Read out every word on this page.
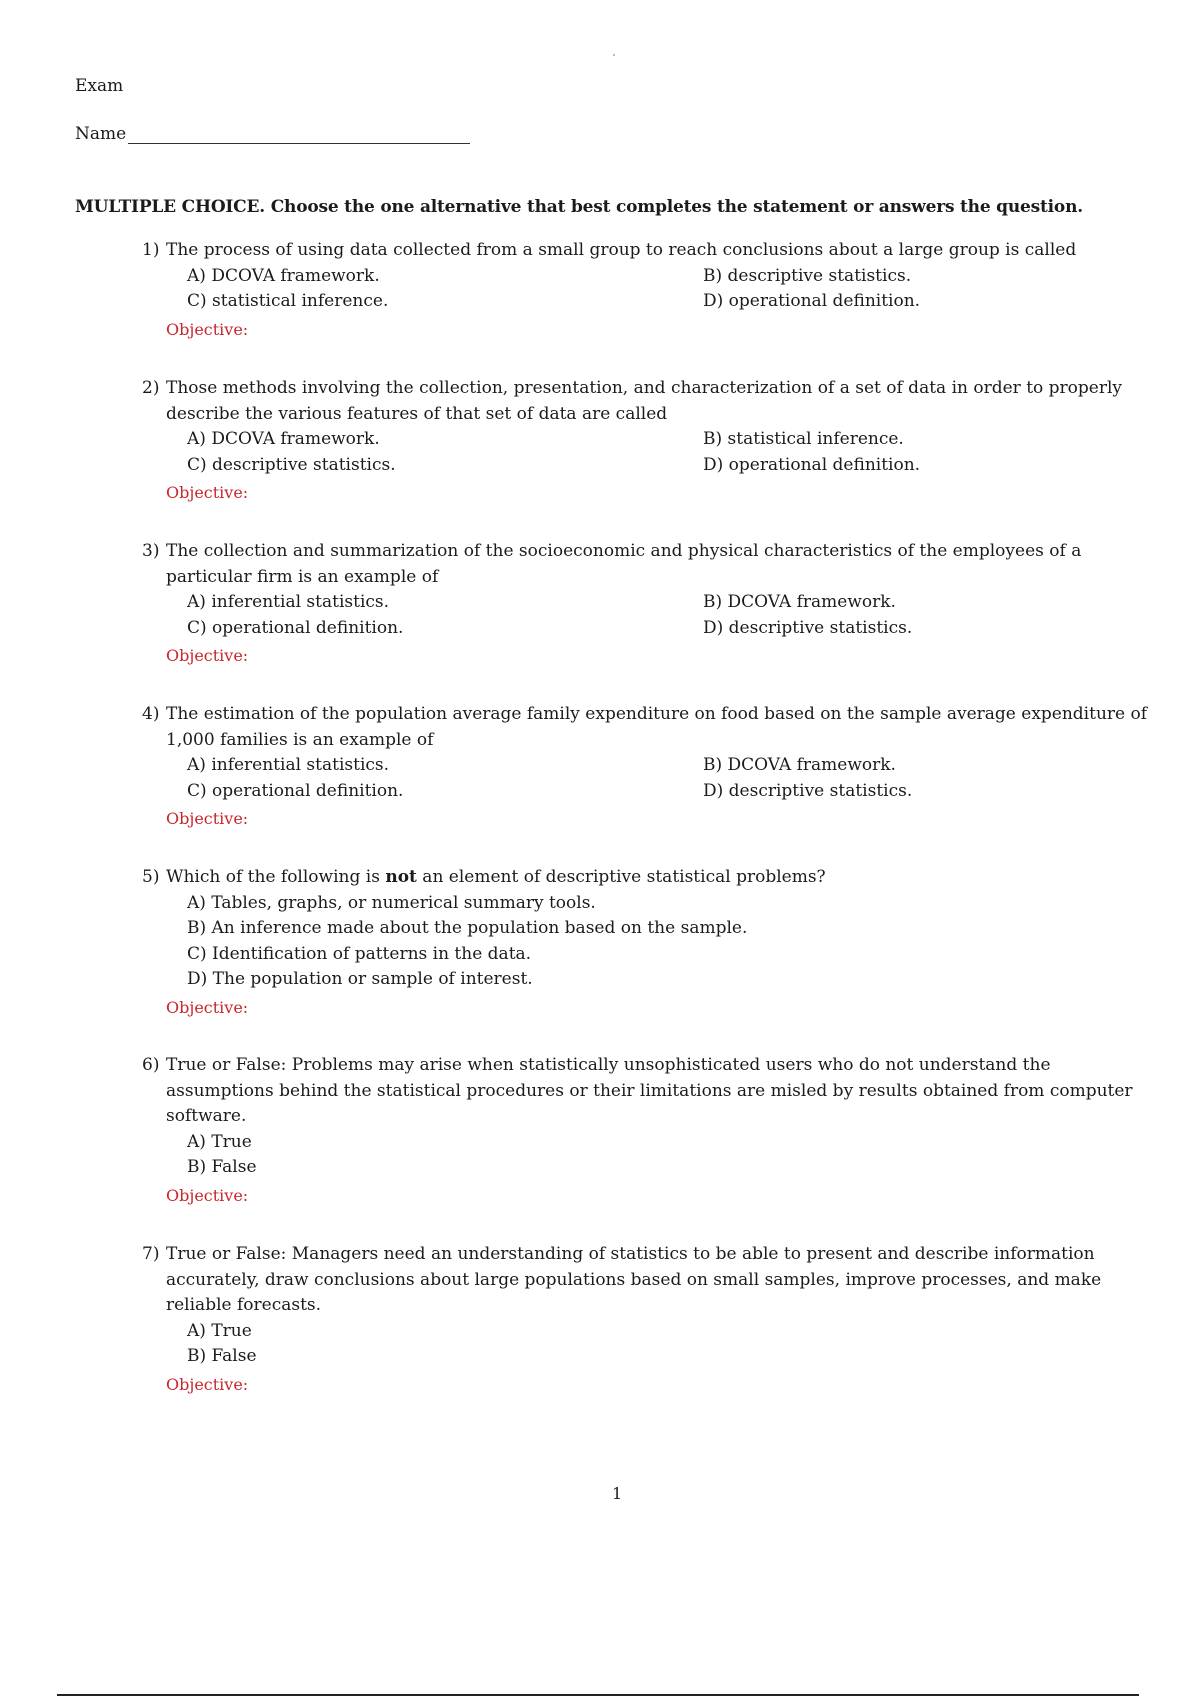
Exam
Name
MULTIPLE CHOICE. Choose the one alternative that best completes the statement or answers the question.
1) The process of using data collected from a small group to reach conclusions about a large group is called
A) DCOVA framework.	B) descriptive statistics.
C) statistical inference.	D) operational definition.
Objective:
2) Those methods involving the collection, presentation, and characterization of a set of data in order to properly describe the various features of that set of data are called
A) DCOVA framework.	B) statistical inference.
C) descriptive statistics.	D) operational definition.
Objective:
3) The collection and summarization of the socioeconomic and physical characteristics of the employees of a particular firm is an example of
A) inferential statistics.	B) DCOVA framework.
C) operational definition.	D) descriptive statistics.
Objective:
4) The estimation of the population average family expenditure on food based on the sample average expenditure of 1,000 families is an example of
A) inferential statistics.	B) DCOVA framework.
C) operational definition.	D) descriptive statistics.
Objective:
5) Which of the following is not an element of descriptive statistical problems?
A) Tables, graphs, or numerical summary tools.
B) An inference made about the population based on the sample.
C) Identification of patterns in the data.
D) The population or sample of interest.
Objective:
6) True or False: Problems may arise when statistically unsophisticated users who do not understand the assumptions behind the statistical procedures or their limitations are misled by results obtained from computer software.
A) True
B) False
Objective:
7) True or False: Managers need an understanding of statistics to be able to present and describe information accurately, draw conclusions about large populations based on small samples, improve processes, and make reliable forecasts.
A) True
B) False
Objective:
1
